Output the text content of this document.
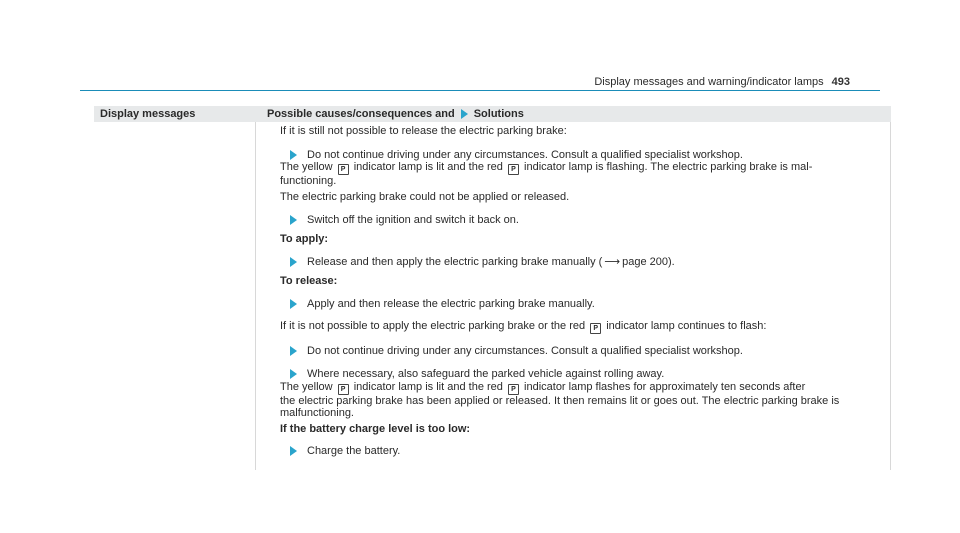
Display messages and warning/indicator lamps 493
Display messages	Possible causes/consequences and Solutions

If it is still not possible to release the electric parking brake:

Do not continue driving under any circumstances. Consult a qualified specialist workshop.

The yellow P indicator lamp is lit and the red P indicator lamp is flashing. The electric parking brake is mal-
functioning.

The electric parking brake could not be applied or released.

Switch off the ignition and switch it back on.

To apply:

Release and then apply the electric parking brake manually ( ⟶ page 200).

To release:

Apply and then release the electric parking brake manually.

If it is not possible to apply the electric parking brake or the red P indicator lamp continues to flash:

Do not continue driving under any circumstances. Consult a qualified specialist workshop.
Where necessary, also safeguard the parked vehicle against rolling away.

The yellow P indicator lamp is lit and the red P indicator lamp flashes for approximately ten seconds after
the electric parking brake has been applied or released. It then remains lit or goes out. The electric parking brake is
malfunctioning.

If the battery charge level is too low:

Charge the battery.
